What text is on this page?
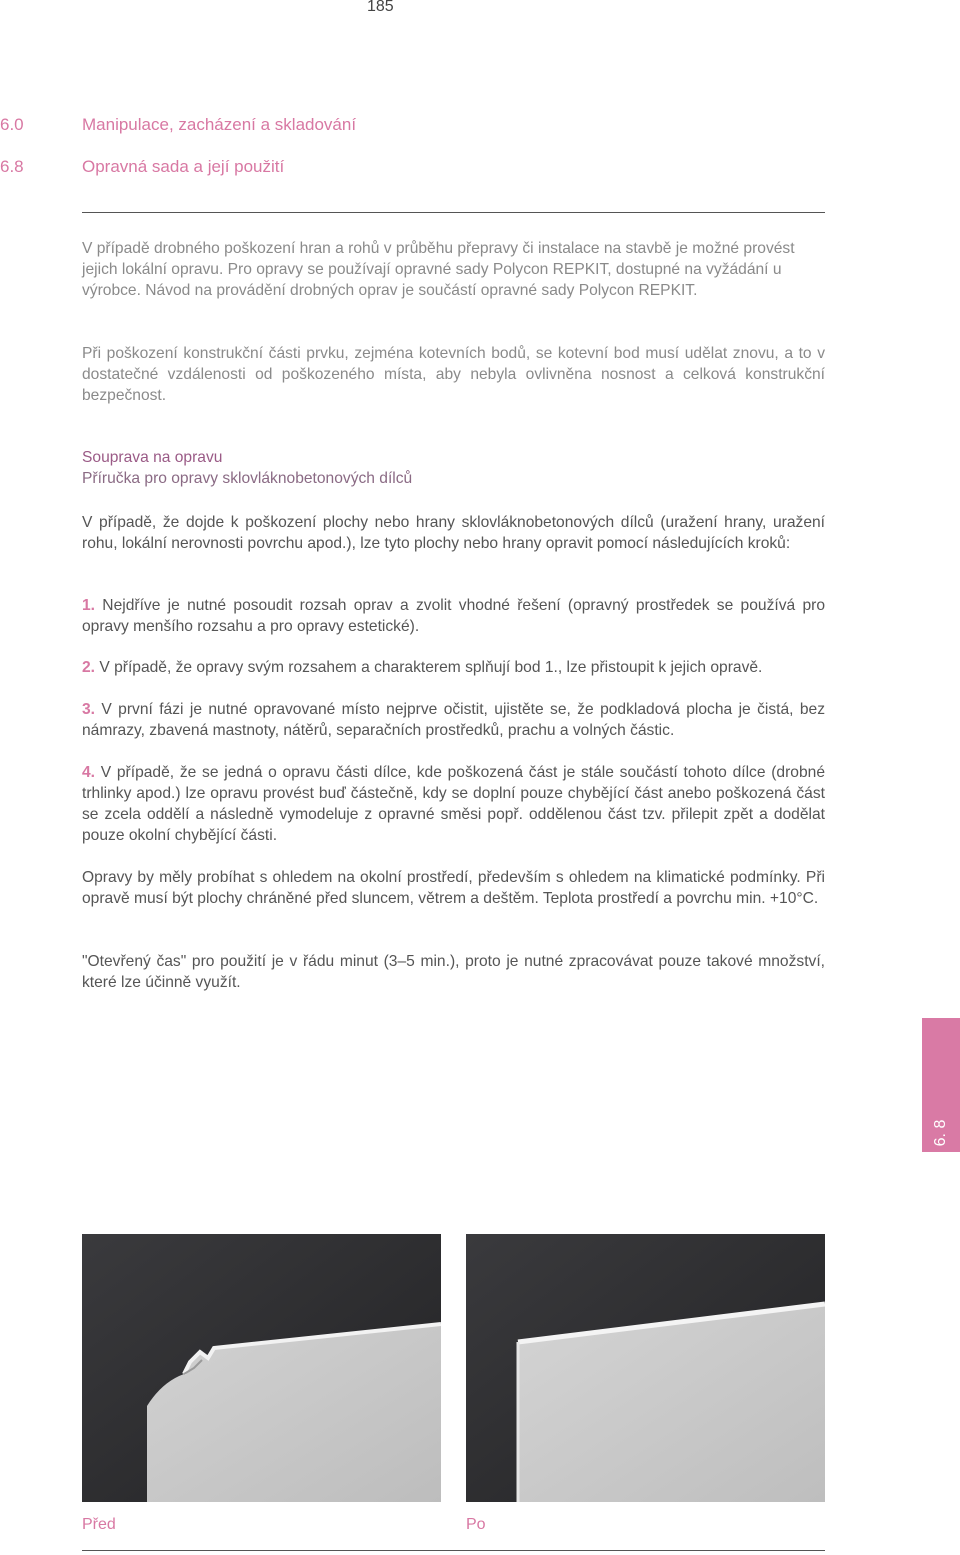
185
6.0	Manipulace, zacházení a skladování
6.8	Opravná sada a její použití

V případě drobného poškození hran a rohů v průběhu přepravy či instalace na stavbě je možné provést jejich lokální opravu. Pro opravy se používají opravné sady Polycon REPKIT, dostupné na vyžádání u výrobce. Návod na provádění drobných oprav je součástí opravné sady Polycon REPKIT.

Při poškození konstrukční části prvku, zejména kotevních bodů, se kotevní bod musí udělat znovu, a to v dostatečné vzdálenosti od poškozeného místa, aby nebyla ovlivněna nosnost a celková konstrukční bezpečnost.

Souprava na opravu
Příručka pro opravy sklovláknobetonových dílců

V případě, že dojde k poškození plochy nebo hrany sklovláknobetonových dílců (uražení hrany, uražení rohu, lokální nerovnosti povrchu apod.), lze tyto plochy nebo hrany opravit pomocí následujících kroků:

1. Nejdříve je nutné posoudit rozsah oprav a zvolit vhodné řešení (opravný prostředek se používá pro opravy menšího rozsahu a pro opravy estetické).

2. V případě, že opravy svým rozsahem a charakterem splňují bod 1., lze přistoupit k jejich opravě.

3. V první fázi je nutné opravované místo nejprve očistit, ujistěte se, že podkladová plocha je čistá, bez námrazy, zbavená mastnoty, nátěrů, separačních prostředků, prachu a volných částic.

4. V případě, že se jedná o opravu části dílce, kde poškozená část je stále součástí tohoto dílce (drobné trhlinky apod.) lze opravu provést buď částečně, kdy se doplní pouze chybějící část anebo poškozená část se zcela oddělí a následně vymodeluje z opravné směsi popř. oddělenou část tzv. přilepit zpět a dodělat pouze okolní chybějící části.

Opravy by měly probíhat s ohledem na okolní prostředí, především s ohledem na klimatické podmínky. Při opravě musí být plochy chráněné před sluncem, větrem a deštěm. Teplota prostředí a povrchu min. +10°C.

"Otevřený čas" pro použití je v řádu minut (3–5 min.), proto je nutné zpracovávat pouze takové množství, které lze účinně využít.

6. 8
Před	Po
